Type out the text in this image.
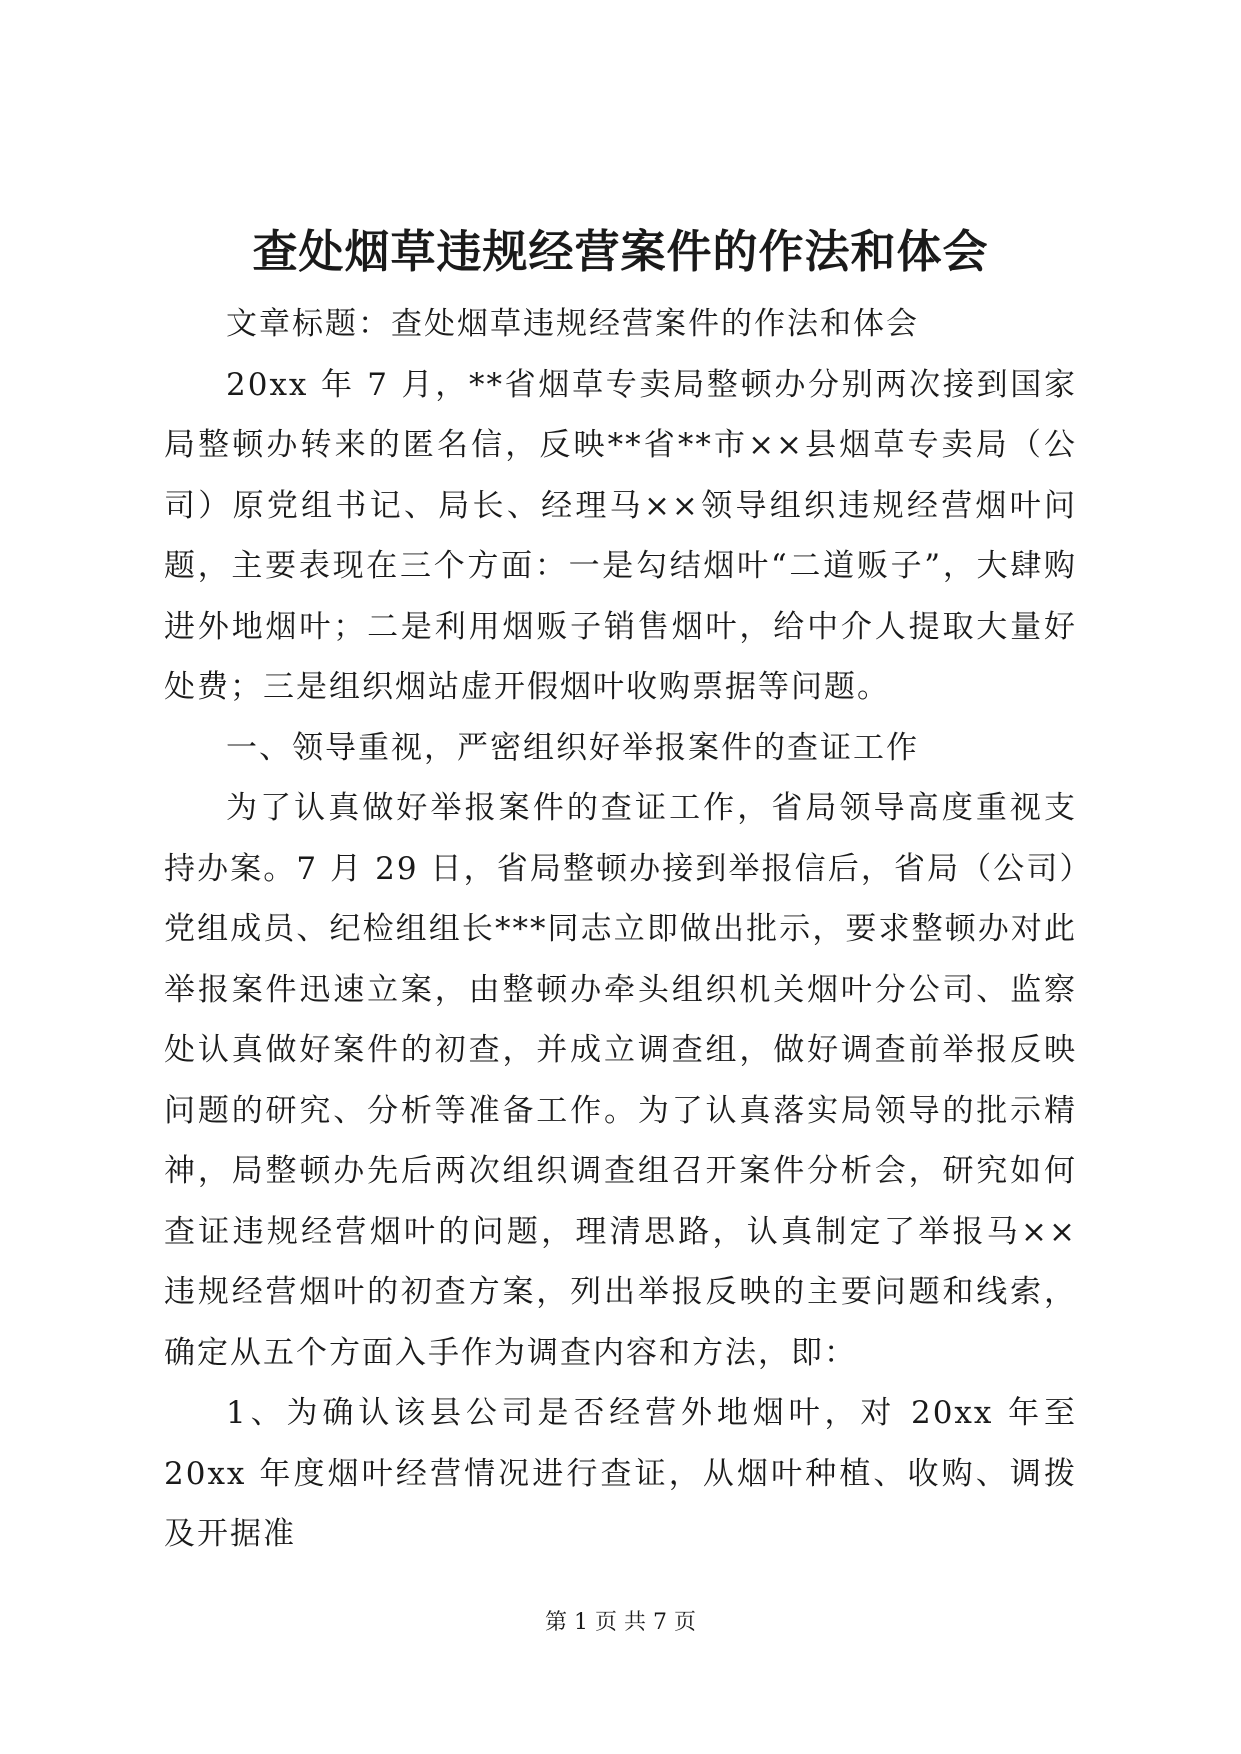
查处烟草违规经营案件的作法和体会

文章标题：查处烟草违规经营案件的作法和体会

20xx 年 7 月，**省烟草专卖局整顿办分别两次接到国家局整顿办转来的匿名信，反映**省**市××县烟草专卖局（公司）原党组书记、局长、经理马××领导组织违规经营烟叶问题，主要表现在三个方面：一是勾结烟叶“二道贩子”，大肆购进外地烟叶；二是利用烟贩子销售烟叶，给中介人提取大量好处费；三是组织烟站虚开假烟叶收购票据等问题。

一、领导重视，严密组织好举报案件的查证工作

为了认真做好举报案件的查证工作，省局领导高度重视支持办案。7 月 29 日，省局整顿办接到举报信后，省局（公司）党组成员、纪检组组长***同志立即做出批示，要求整顿办对此举报案件迅速立案，由整顿办牵头组织机关烟叶分公司、监察处认真做好案件的初查，并成立调查组，做好调查前举报反映问题的研究、分析等准备工作。为了认真落实局领导的批示精神，局整顿办先后两次组织调查组召开案件分析会，研究如何查证违规经营烟叶的问题，理清思路，认真制定了举报马××违规经营烟叶的初查方案，列出举报反映的主要问题和线索，确定从五个方面入手作为调查内容和方法，即：

1、为确认该县公司是否经营外地烟叶，对 20xx 年至 20xx 年度烟叶经营情况进行查证，从烟叶种植、收购、调拨及开据准

第 1 页 共 7 页
